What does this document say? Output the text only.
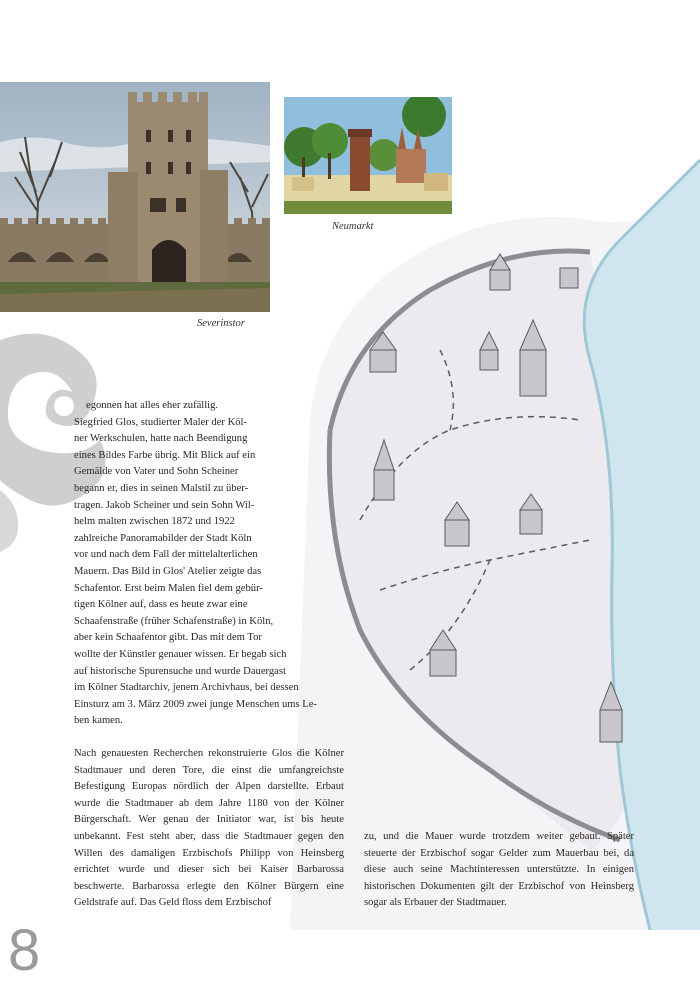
Severinstor
Neumarkt

egonnen hat alles eher zufällig.

Siegfried Glos, studierter Maler der Köl-

ner Werkschulen, hatte nach Beendigung

eines Bildes Farbe übrig. Mit Blick auf ein

Gemälde von Vater und Sohn Scheiner

begann er, dies in seinen Malstil zu über-

tragen. Jakob Scheiner und sein Sohn Wil-

helm malten zwischen 1872 und 1922

zahlreiche Panoramabilder der Stadt Köln

vor und nach dem Fall der mittelalterlichen

Mauern. Das Bild in Glos' Atelier zeigte das

Schafentor. Erst beim Malen fiel dem gebür-

tigen Kölner auf, dass es heute zwar eine

Schaafenstraße (früher Schafenstraße) in Köln,

aber kein Schaafentor gibt. Das mit dem Tor

wollte der Künstler genauer wissen. Er begab sich

auf historische Spurensuche und wurde Dauergast

im Kölner Stadtarchiv, jenem Archivhaus, bei dessen

Einsturz am 3. März 2009 zwei junge Menschen ums Le-

ben kamen.

Nach genauesten Recherchen rekonstruierte Glos die Kölner Stadtmauer und deren Tore, die einst die umfangreichste Befestigung Europas nördlich der Alpen darstellte. Erbaut wurde die Stadtmauer ab dem Jahre 1180 von der Kölner Bürgerschaft. Wer genau der Initiator war, ist bis heute unbekannt. Fest steht aber, dass die Stadtmauer gegen den Willen des damaligen Erzbischofs Philipp von Heinsberg errichtet wurde und dieser sich bei Kaiser Barbarossa beschwerte. Barbarossa erlegte den Kölner Bürgern eine Geldstrafe auf. Das Geld floss dem Erzbischof
zu, und die Mauer wurde trotzdem weiter gebaut. Später steuerte der Erzbischof sogar Gelder zum Mauerbau bei, da diese auch seine Machtinteressen unterstützte. In einigen historischen Dokumenten gilt der Erzbischof von Heinsberg sogar als Erbauer der Stadtmauer.
8
